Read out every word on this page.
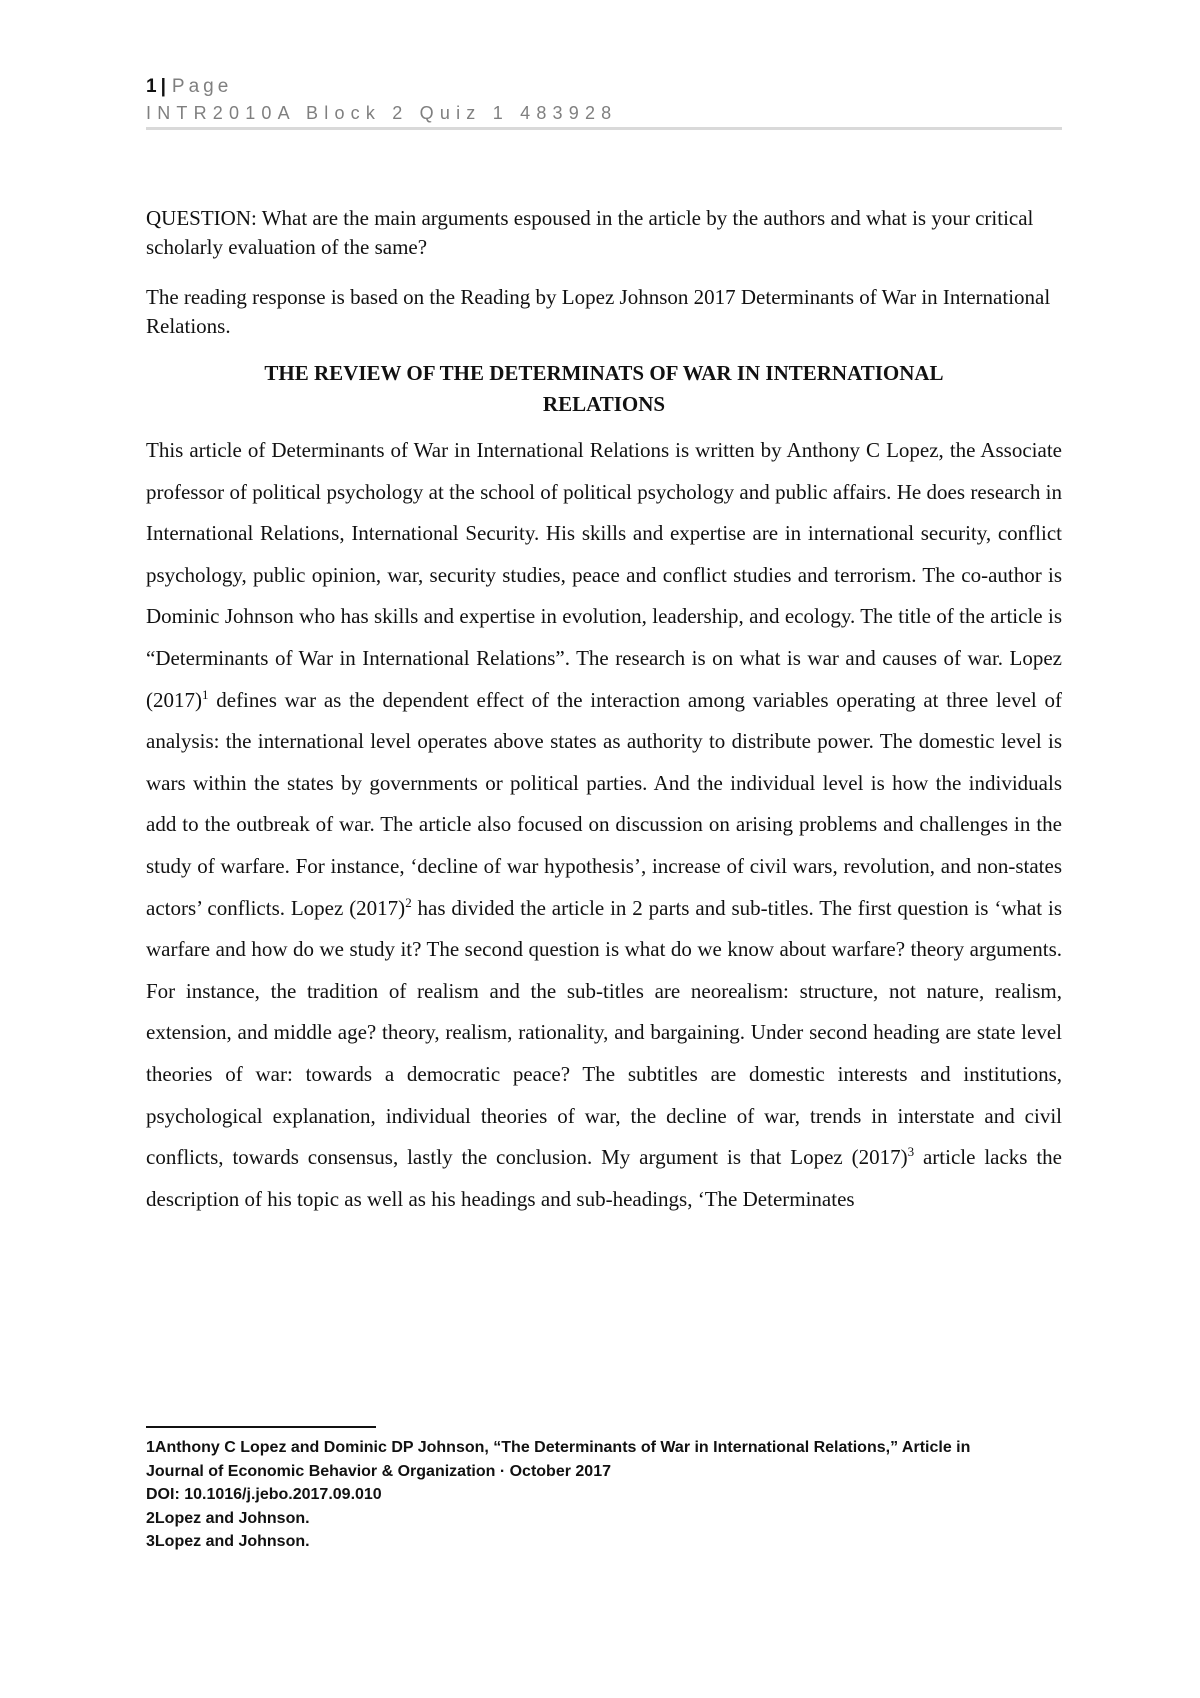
1 | Page
INTR2010A Block 2 Quiz 1 483928
QUESTION: What are the main arguments espoused in the article by the authors and what is your critical scholarly evaluation of the same?
The reading response is based on the Reading by Lopez Johnson 2017 Determinants of War in International Relations.
THE REVIEW OF THE DETERMINATS OF WAR IN INTERNATIONAL
RELATIONS

This article of Determinants of War in International Relations is written by Anthony C Lopez, the Associate professor of political psychology at the school of political psychology and public affairs. He does research in International Relations, International Security. His skills and expertise are in international security, conflict psychology, public opinion, war, security studies, peace and conflict studies and terrorism. The co-author is Dominic Johnson who has skills and expertise in evolution, leadership, and ecology. The title of the article is “Determinants of War in International Relations”. The research is on what is war and causes of war. Lopez $(2017)^1$ defines war as the dependent effect of the interaction among variables operating at three level of analysis: the international level operates above states as authority to distribute power. The domestic level is wars within the states by governments or political parties. And the individual level is how the individuals add to the outbreak of war. The article also focused on discussion on arising problems and challenges in the study of warfare. For instance, ‘decline of war hypothesis’, increase of civil wars, revolution, and non-states actors’ conflicts. Lopez $(2017)^2$ has divided the article in 2 parts and sub-titles. The first question is ‘what is warfare and how do we study it? The second question is what do we know about warfare? theory arguments. For instance, the tradition of realism and the sub-titles are neorealism: structure, not nature, realism, extension, and middle age? theory, realism, rationality, and bargaining. Under second heading are state level theories of war: towards a democratic peace? The subtitles are domestic interests and institutions, psychological explanation, individual theories of war, the decline of war, trends in interstate and civil conflicts, towards consensus, lastly the conclusion. My argument is that Lopez $(2017)^3$ article lacks the description of his topic as well as his headings and sub-headings, ‘The Determinates

1Anthony C Lopez and Dominic DP Johnson, “The Determinants of War in International Relations,” Article in
Journal of Economic Behavior & Organization · October 2017
DOI: 10.1016/j.jebo.2017.09.010
2Lopez and Johnson.
3Lopez and Johnson.
